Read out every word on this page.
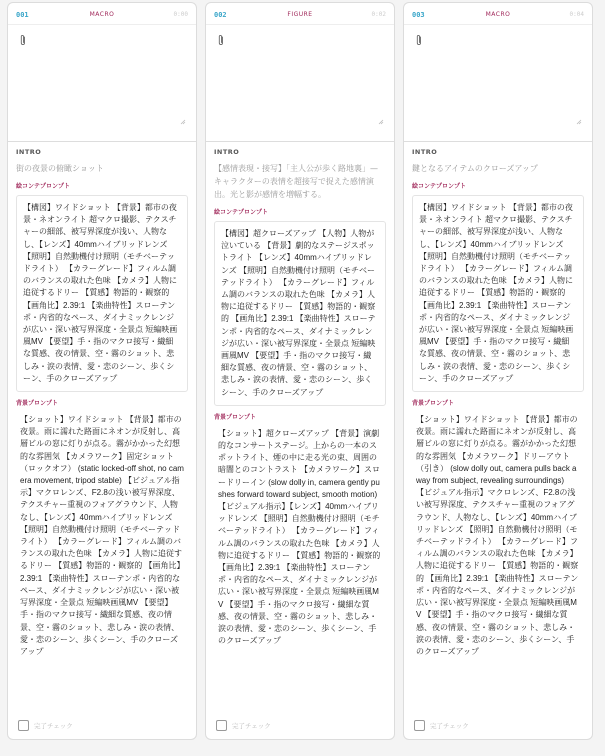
001	MACRO	0:00
INTRO
街の夜景の俯瞰ショット
絵コンテプロンプト
【構図】ワイドショット 【背景】都市の夜景・ネオンライト 超マクロ撮影、テクスチャーの細部、被写界深度が浅い、人物なし、【レンズ】40mmハイブリッドレンズ 【照明】自然動機付け照明（モチベーテッドライト） 【カラーグレード】フィルム調のバランスの取れた色味 【カメラ】人物に追従するドリー 【質感】物語的・観察的 【画角比】2.39:1 【楽曲特性】スローテンポ・内省的なペース、ダイナミックレンジが広い・深い被写界深度・全景点 短編映画風MV 【要望】手・指のマクロ接写・繊細な質感、夜の情景、空・霧のショット、悲しみ・涙の表情、愛・恋のシーン、歩くシーン、手のクローズアップ
背景プロンプト
【ショット】ワイドショット 【背景】都市の夜景。雨に濡れた路面にネオンが反射し、高層ビルの窓に灯りが点る。霧がかかった幻想的な雰囲気 【カメラワーク】固定ショット（ロックオフ） (static locked-off shot, no camera movement, tripod stable) 【ビジュアル指示】マクロレンズ、F2.8の浅い被写界深度、テクスチャー重視のフォアグラウンド、人物なし、【レンズ】40mmハイブリッドレンズ 【照明】自然動機付け照明（モチベーテッドライト） 【カラーグレード】フィルム調のバランスの取れた色味 【カメラ】人物に追従するドリー 【質感】物語的・観察的 【画角比】2.39:1 【楽曲特性】スローテンポ・内省的なペース、ダイナミックレンジが広い・深い被写界深度・全景点 短編映画風MV 【要望】手・指のマクロ接写・繊細な質感、夜の情景、空・霧のショット、悲しみ・涙の表情、愛・恋のシーン、歩くシーン、手のクローズアップ
完了チェック
002	FIGURE	0:02
INTRO
【感情表現・接写】「主人公が歩く路地裏」— キャラクターの表情を超接写で捉えた感情演出。光と影が感情を増幅する。
絵コンテプロンプト
【構図】超クローズアップ 【人物】人物が泣いている 【背景】劇的なステージスポットライト 【レンズ】40mmハイブリッドレンズ 【照明】自然動機付け照明（モチベーテッドライト） 【カラーグレード】フィルム調のバランスの取れた色味 【カメラ】人物に追従するドリー 【質感】物語的・観察的 【画角比】2.39:1 【楽曲特性】スローテンポ・内省的なペース、ダイナミックレンジが広い・深い被写界深度・全景点 短編映画風MV 【要望】手・指のマクロ接写・繊細な質感、夜の情景、空・霧のショット、悲しみ・涙の表情、愛・恋のシーン、歩くシーン、手のクローズアップ
背景プロンプト
【ショット】超クローズアップ 【背景】演劇的なコンサートステージ。上からの一本のスポットライト、煙の中に走る光の束、周囲の暗闇とのコントラスト 【カメラワーク】スロードリーイン (slow dolly in, camera gently pushes forward toward subject, smooth motion) 【ビジュアル指示】【レンズ】40mmハイブリッドレンズ 【照明】自然動機付け照明（モチベーテッドライト） 【カラーグレード】フィルム調のバランスの取れた色味 【カメラ】人物に追従するドリー 【質感】物語的・観察的 【画角比】2.39:1 【楽曲特性】スローテンポ・内省的なペース、ダイナミックレンジが広い・深い被写界深度・全景点 短編映画風MV 【要望】手・指のマクロ接写・繊細な質感、夜の情景、空・霧のショット、悲しみ・涙の表情、愛・恋のシーン、歩くシーン、手のクローズアップ
完了チェック
003	MACRO	0:04
INTRO
鍵となるアイテムのクローズアップ
絵コンテプロンプト
【構図】ワイドショット 【背景】都市の夜景・ネオンライト 超マクロ撮影、テクスチャーの細部、被写界深度が浅い、人物なし、【レンズ】40mmハイブリッドレンズ 【照明】自然動機付け照明（モチベーテッドライト） 【カラーグレード】フィルム調のバランスの取れた色味 【カメラ】人物に追従するドリー 【質感】物語的・観察的 【画角比】2.39:1 【楽曲特性】スローテンポ・内省的なペース、ダイナミックレンジが広い・深い被写界深度・全景点 短編映画風MV 【要望】手・指のマクロ接写・繊細な質感、夜の情景、空・霧のショット、悲しみ・涙の表情、愛・恋のシーン、歩くシーン、手のクローズアップ
背景プロンプト
【ショット】ワイドショット 【背景】都市の夜景。雨に濡れた路面にネオンが反射し、高層ビルの窓に灯りが点る。霧がかかった幻想的な雰囲気 【カメラワーク】ドリーアウト（引き） (slow dolly out, camera pulls back away from subject, revealing surroundings) 【ビジュアル指示】マクロレンズ、F2.8の浅い被写界深度、テクスチャー重視のフォアグラウンド、人物なし、【レンズ】40mmハイブリッドレンズ 【照明】自然動機付け照明（モチベーテッドライト） 【カラーグレード】フィルム調のバランスの取れた色味 【カメラ】人物に追従するドリー 【質感】物語的・観察的 【画角比】2.39:1 【楽曲特性】スローテンポ・内省的なペース、ダイナミックレンジが広い・深い被写界深度・全景点 短編映画風MV 【要望】手・指のマクロ接写・繊細な質感、夜の情景、空・霧のショット、悲しみ・涙の表情、愛・恋のシーン、歩くシーン、手のクローズアップ
完了チェック
